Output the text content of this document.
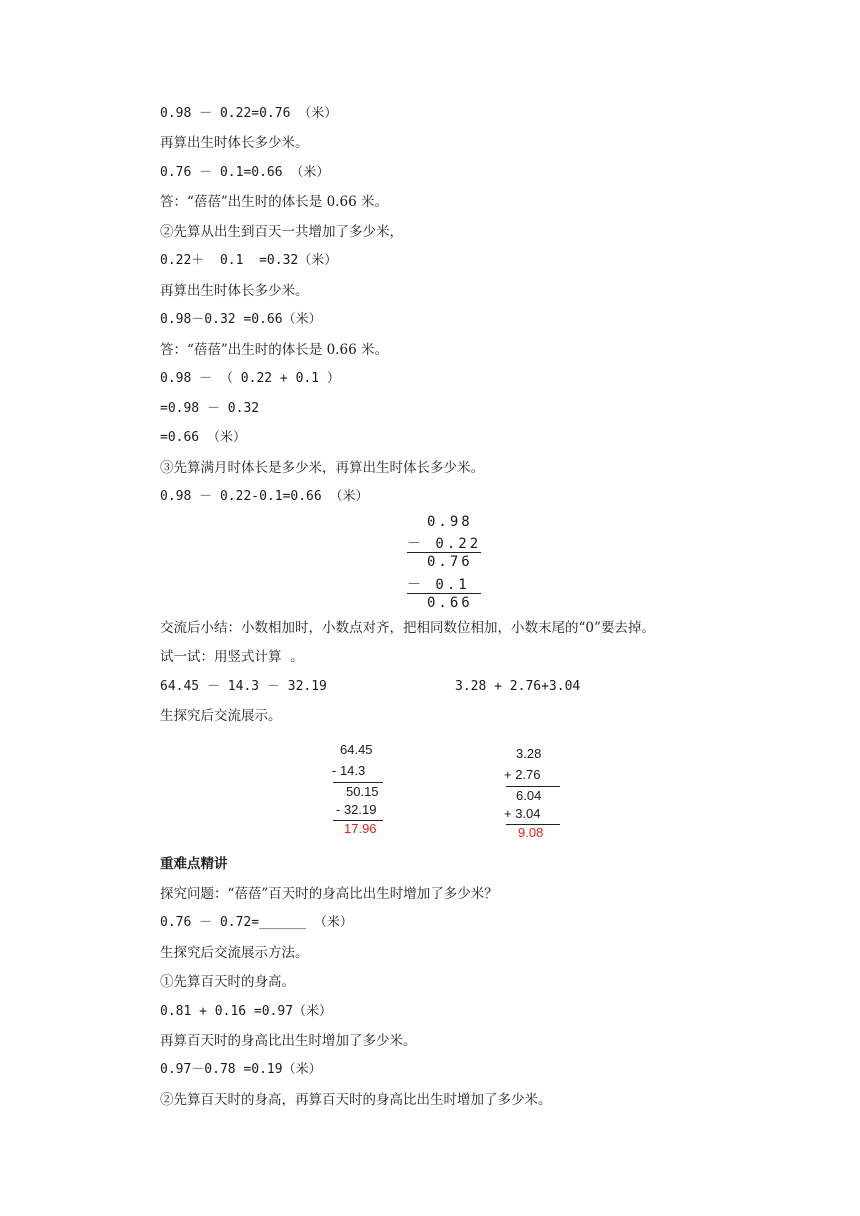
0.98 － 0.22=0.76 （米）
再算出生时体长多少米。
0.76 － 0.1=0.66 （米）
答：“蓓蓓”出生时的体长是 0.66 米。
②先算从出生到百天一共增加了多少米，
0.22＋  0.1  =0.32（米）
再算出生时体长多少米。
0.98－0.32 =0.66（米）
答：“蓓蓓”出生时的体长是 0.66 米。
0.98 － （ 0.22 + 0.1 ）
=0.98 － 0.32
=0.66 （米）
③先算满月时体长是多少米，再算出生时体长多少米。
0.98 － 0.22-0.1=0.66 （米）

0.98

－ 0.22

0.76

－ 0.1

0.66

交流后小结：小数相加时，小数点对齐，把相同数位相加，小数末尾的“0”要去掉。
试一试：用竖式计算  。
64.45 － 14.3 － 32.19	3.28 + 2.76+3.04
生探究后交流展示。

64.45

- 14.3

50.15

- 32.19

17.96

3.28

+ 2.76

6.04

+ 3.04

9.08

重难点精讲
探究问题：“蓓蓓”百天时的身高比出生时增加了多少米？
0.76 － 0.72=______ （米）
生探究后交流展示方法。
①先算百天时的身高。
0.81 + 0.16 =0.97（米）
再算百天时的身高比出生时增加了多少米。
0.97－0.78 =0.19（米）
②先算百天时的身高，再算百天时的身高比出生时增加了多少米。
